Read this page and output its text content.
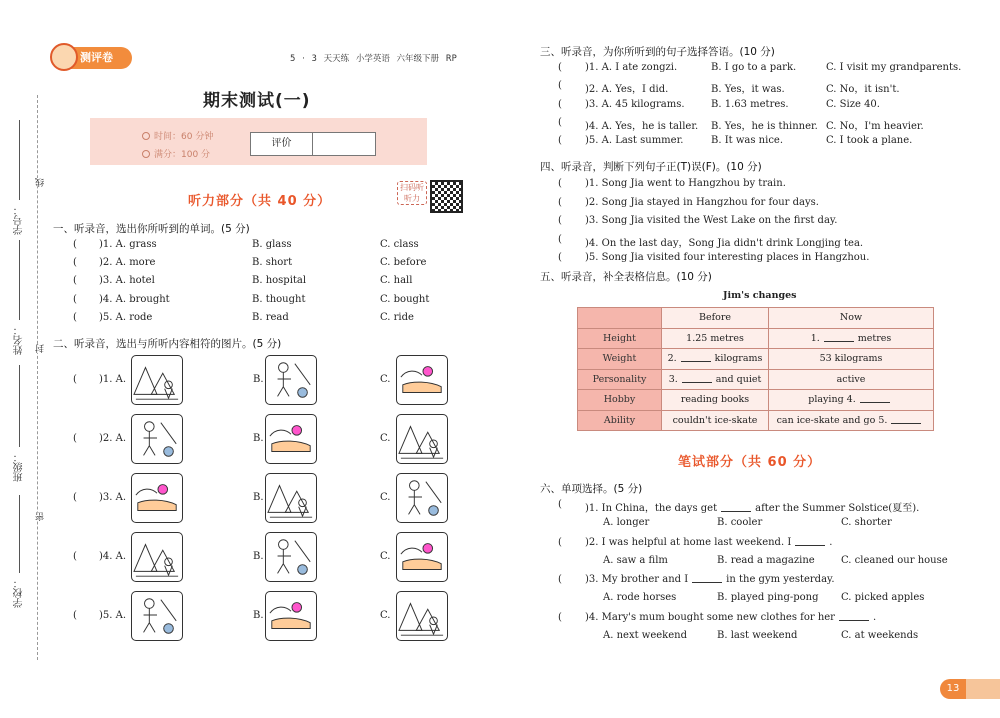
学号：
姓名：
班级：
学校：
线
封
密
测评卷	5 · 3 天天练 小学英语 六年级下册 RP
期末测试(一)
时间：60 分钟
满分：100 分
评价
听力部分（共 40 分）
扫码听听力
一、听录音，选出你所听到的单词。(5 分)
( )1. A. grass	B. glass	C. class
( )2. A. more	B. short	C. before
( )3. A. hotel	B. hospital	C. hall
( )4. A. brought	B. thought	C. bought
( )5. A. rode	B. read	C. ride
二、听录音，选出与所听内容相符的图片。(5 分)
( )1. A.	B.	C.
( )2. A.	B.	C.
( )3. A.	B.	C.
( )4. A.	B.	C.
( )5. A.	B.	C.
三、听录音，为你所听到的句子选择答语。(10 分)
( )1. A. I ate zongzi.	B. I go to a park.	C. I visit my grandparents.
( )2. A. Yes，I did.	B. Yes，it was.	C. No，it isn't.
( )3. A. 45 kilograms.	B. 1.63 metres.	C. Size 40.
( )4. A. Yes，he is taller. B. Yes，he is thinner. C. No，I'm heavier.
( )5. A. Last summer.	B. It was nice.	C. I took a plane.
四、听录音，判断下列句子正(T)误(F)。(10 分)
( )1. Song Jia went to Hangzhou by train.
( )2. Song Jia stayed in Hangzhou for four days.
( )3. Song Jia visited the West Lake on the first day.
( )4. On the last day，Song Jia didn't drink Longjing tea.
( )5. Song Jia visited four interesting places in Hangzhou.
五、听录音，补全表格信息。(10 分)
Jim's changes
	Before	Now
Height	1.25 metres	1. metres
Weight	2. kilograms	53 kilograms
Personality	3. and quiet	active
Hobby	reading books	playing 4.
Ability	couldn't ice-skate	can ice-skate and go 5.
笔试部分（共 60 分）
六、单项选择。(5 分)
( )1. In China，the days get	after the Summer Solstice(夏至).
A. longer	B. cooler	C. shorter
( )2. I was helpful at home last weekend. I	.
A. saw a film	B. read a magazine	C. cleaned our house
( )3. My brother and I	in the gym yesterday.
A. rode horses	B. played ping-pong C. picked apples
( )4. Mary's mum bought some new clothes for her	.
A. next weekend	B. last weekend	C. at weekends
13
